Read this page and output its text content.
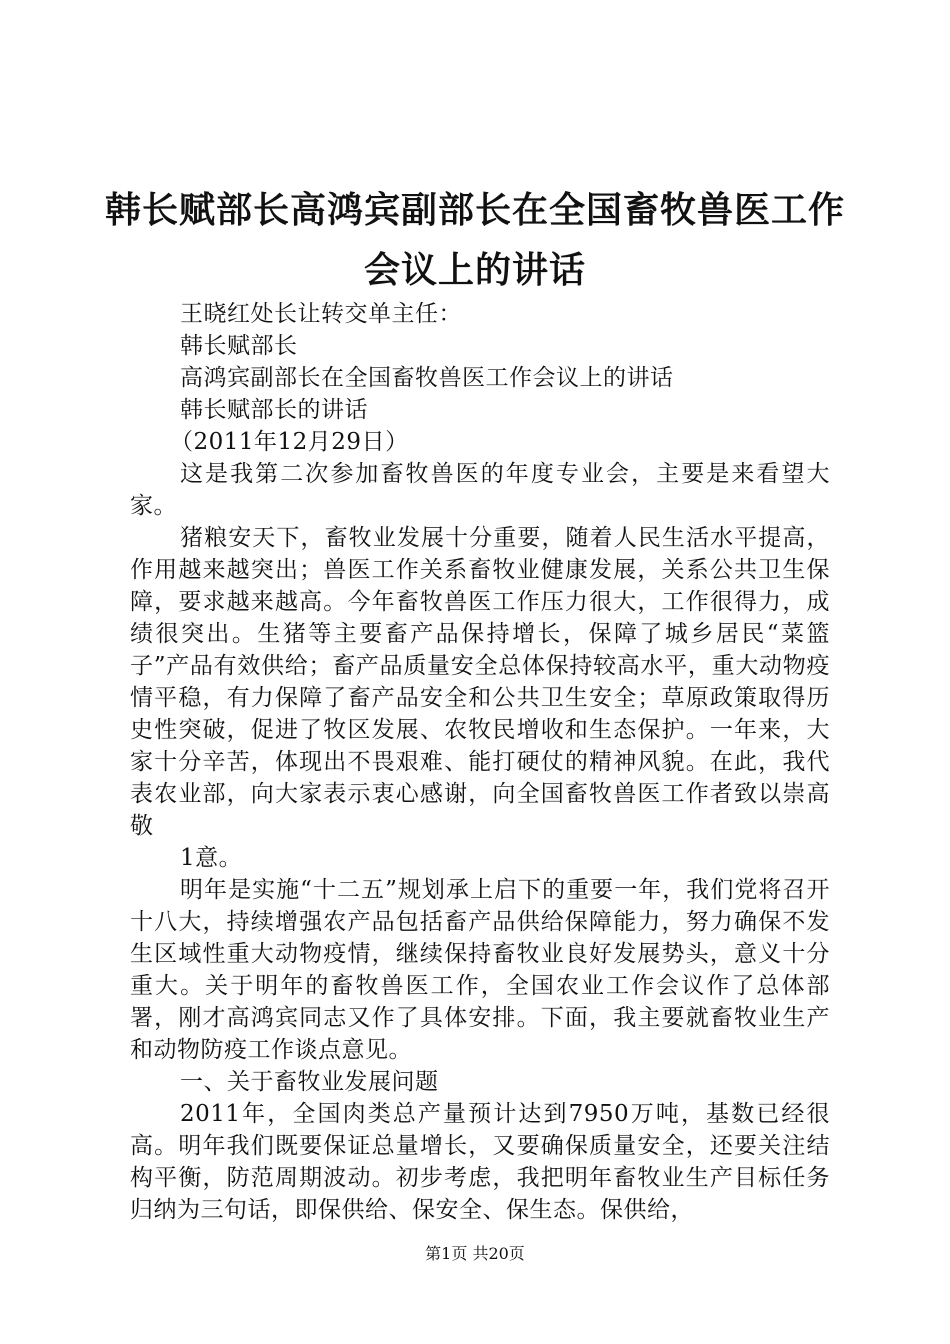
韩长赋部长高鸿宾副部长在全国畜牧兽医工作
会议上的讲话

王晓红处长让转交单主任：

韩长赋部长

高鸿宾副部长在全国畜牧兽医工作会议上的讲话

韩长赋部长的讲话

（2011年12月29日）

这是我第二次参加畜牧兽医的年度专业会，主要是来看望大家。

猪粮安天下，畜牧业发展十分重要，随着人民生活水平提高，作用越来越突出；兽医工作关系畜牧业健康发展，关系公共卫生保障，要求越来越高。今年畜牧兽医工作压力很大，工作很得力，成绩很突出。生猪等主要畜产品保持增长，保障了城乡居民“菜篮子”产品有效供给；畜产品质量安全总体保持较高水平，重大动物疫情平稳，有力保障了畜产品安全和公共卫生安全；草原政策取得历史性突破，促进了牧区发展、农牧民增收和生态保护。一年来，大家十分辛苦，体现出不畏艰难、能打硬仗的精神风貌。在此，我代表农业部，向大家表示衷心感谢，向全国畜牧兽医工作者致以崇高敬

1意。

明年是实施“十二五”规划承上启下的重要一年，我们党将召开十八大，持续增强农产品包括畜产品供给保障能力，努力确保不发生区域性重大动物疫情，继续保持畜牧业良好发展势头，意义十分重大。关于明年的畜牧兽医工作，全国农业工作会议作了总体部署，刚才高鸿宾同志又作了具体安排。下面，我主要就畜牧业生产和动物防疫工作谈点意见。

一、关于畜牧业发展问题

2011年，全国肉类总产量预计达到7950万吨，基数已经很高。明年我们既要保证总量增长，又要确保质量安全，还要关注结构平衡，防范周期波动。初步考虑，我把明年畜牧业生产目标任务归纳为三句话，即保供给、保安全、保生态。保供给，

第1页 共20页
